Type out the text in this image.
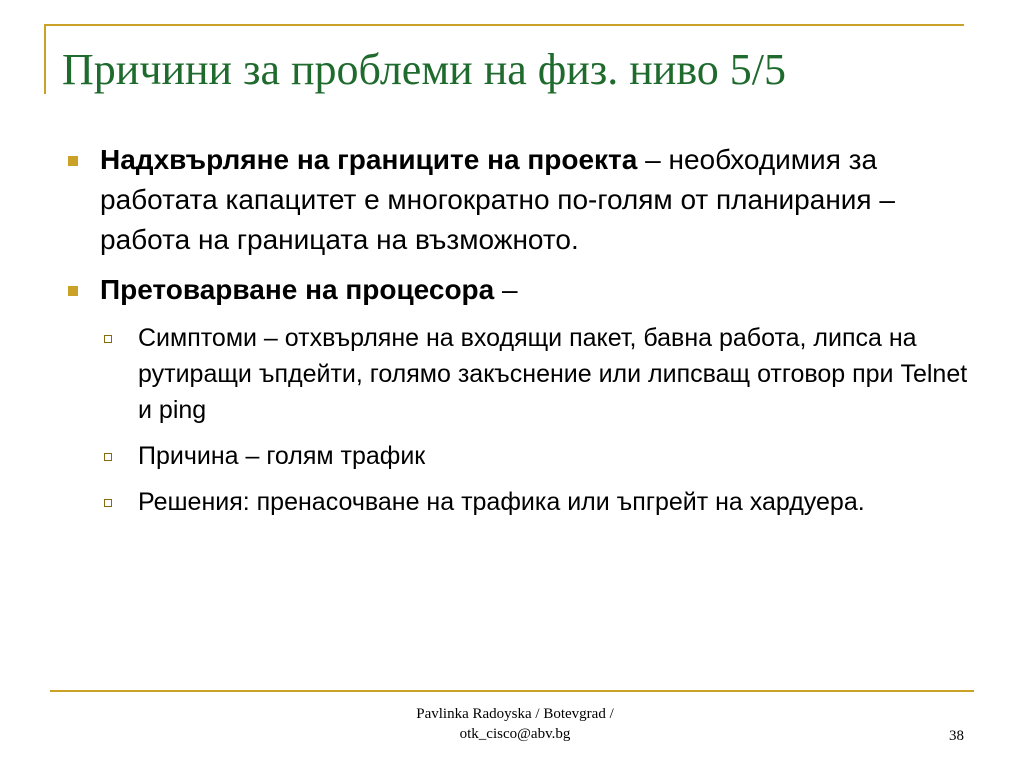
Причини за проблеми на физ. ниво 5/5
Надхвърляне на границите на проекта – необходимия за работата капацитет е многократно по-голям от планирания – работа на границата на възможното.
Претоварване на процесора –
Симптоми – отхвърляне на входящи пакет, бавна работа, липса на рутиращи ъпдейти, голямо закъснение или липсващ отговор при Telnet и ping
Причина – голям трафик
Решения: пренасочване на трафика или ъпгрейт на хардуера.
Pavlinka Radoyska / Botevgrad /
otk_cisco@abv.bg	38
